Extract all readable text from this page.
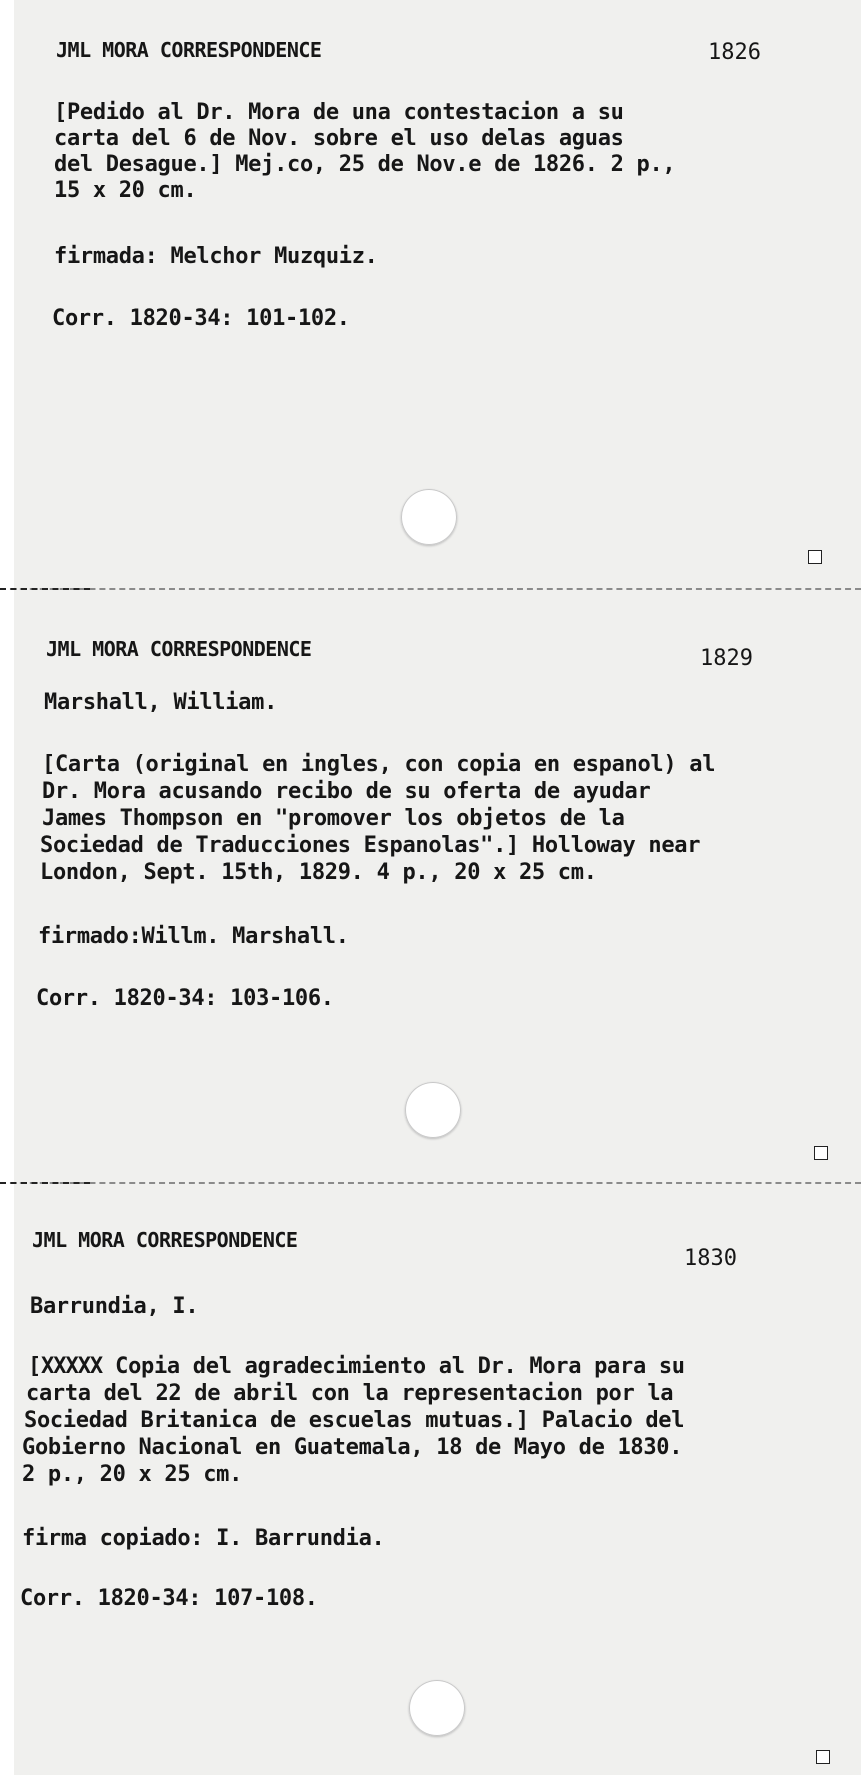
JML MORA CORRESPONDENCE	1826
[Pedido al Dr. Mora de una contestacion a su
carta del 6 de Nov. sobre el uso delas aguas
del Desague.] Mej.co, 25 de Nov.e de 1826. 2 p.,
15 x 20 cm.
firmada: Melchor Muzquiz.
Corr. 1820-34: 101-102.
JML MORA CORRESPONDENCE	1829
Marshall, William.
[Carta (original en ingles, con copia en espanol) al
Dr. Mora acusando recibo de su oferta de ayudar
James Thompson en "promover los objetos de la
Sociedad de Traducciones Espanolas".] Holloway near
London, Sept. 15th, 1829. 4 p., 20 x 25 cm.
firmado:Willm. Marshall.
Corr. 1820-34: 103-106.
JML MORA CORRESPONDENCE
1830
Barrundia, I.
[XXXXX Copia del agradecimiento al Dr. Mora para su
carta del 22 de abril con la representacion por la
Sociedad Britanica de escuelas mutuas.] Palacio del
Gobierno Nacional en Guatemala, 18 de Mayo de 1830.
2 p., 20 x 25 cm.
firma copiado: I. Barrundia.
Corr. 1820-34: 107-108.
